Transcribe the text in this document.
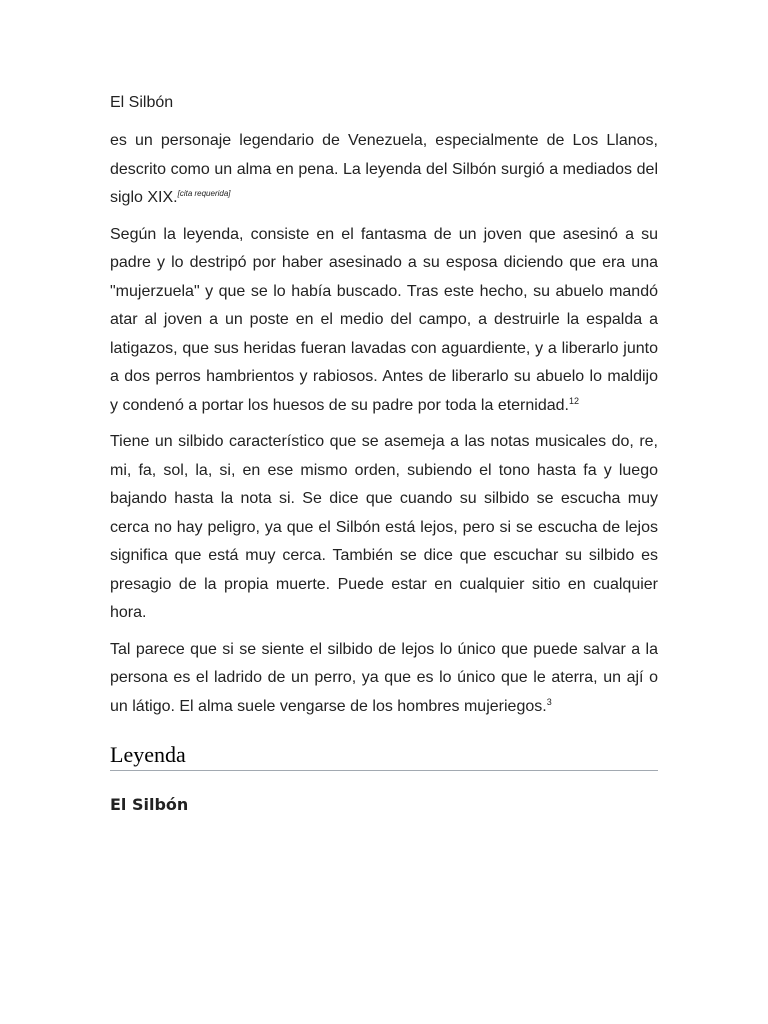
El Silbón

es un personaje legendario de Venezuela, especialmente de Los Llanos, descrito como un alma en pena. La leyenda del Silbón surgió a mediados del siglo XIX.[cita requerida]

Según la leyenda, consiste en el fantasma de un joven que asesinó a su padre y lo destripó por haber asesinado a su esposa diciendo que era una "mujerzuela" y que se lo había buscado. Tras este hecho, su abuelo mandó atar al joven a un poste en el medio del campo, a destruirle la espalda a latigazos, que sus heridas fueran lavadas con aguardiente, y a liberarlo junto a dos perros hambrientos y rabiosos. Antes de liberarlo su abuelo lo maldijo y condenó a portar los huesos de su padre por toda la eternidad.$^{12}$

Tiene un silbido característico que se asemeja a las notas musicales do, re, mi, fa, sol, la, si, en ese mismo orden, subiendo el tono hasta fa y luego bajando hasta la nota si. Se dice que cuando su silbido se escucha muy cerca no hay peligro, ya que el Silbón está lejos, pero si se escucha de lejos significa que está muy cerca. También se dice que escuchar su silbido es presagio de la propia muerte. Puede estar en cualquier sitio en cualquier hora.

Tal parece que si se siente el silbido de lejos lo único que puede salvar a la persona es el ladrido de un perro, ya que es lo único que le aterra, un ají o un látigo. El alma suele vengarse de los hombres mujeriegos.$^3$

Leyenda
El Silbón
